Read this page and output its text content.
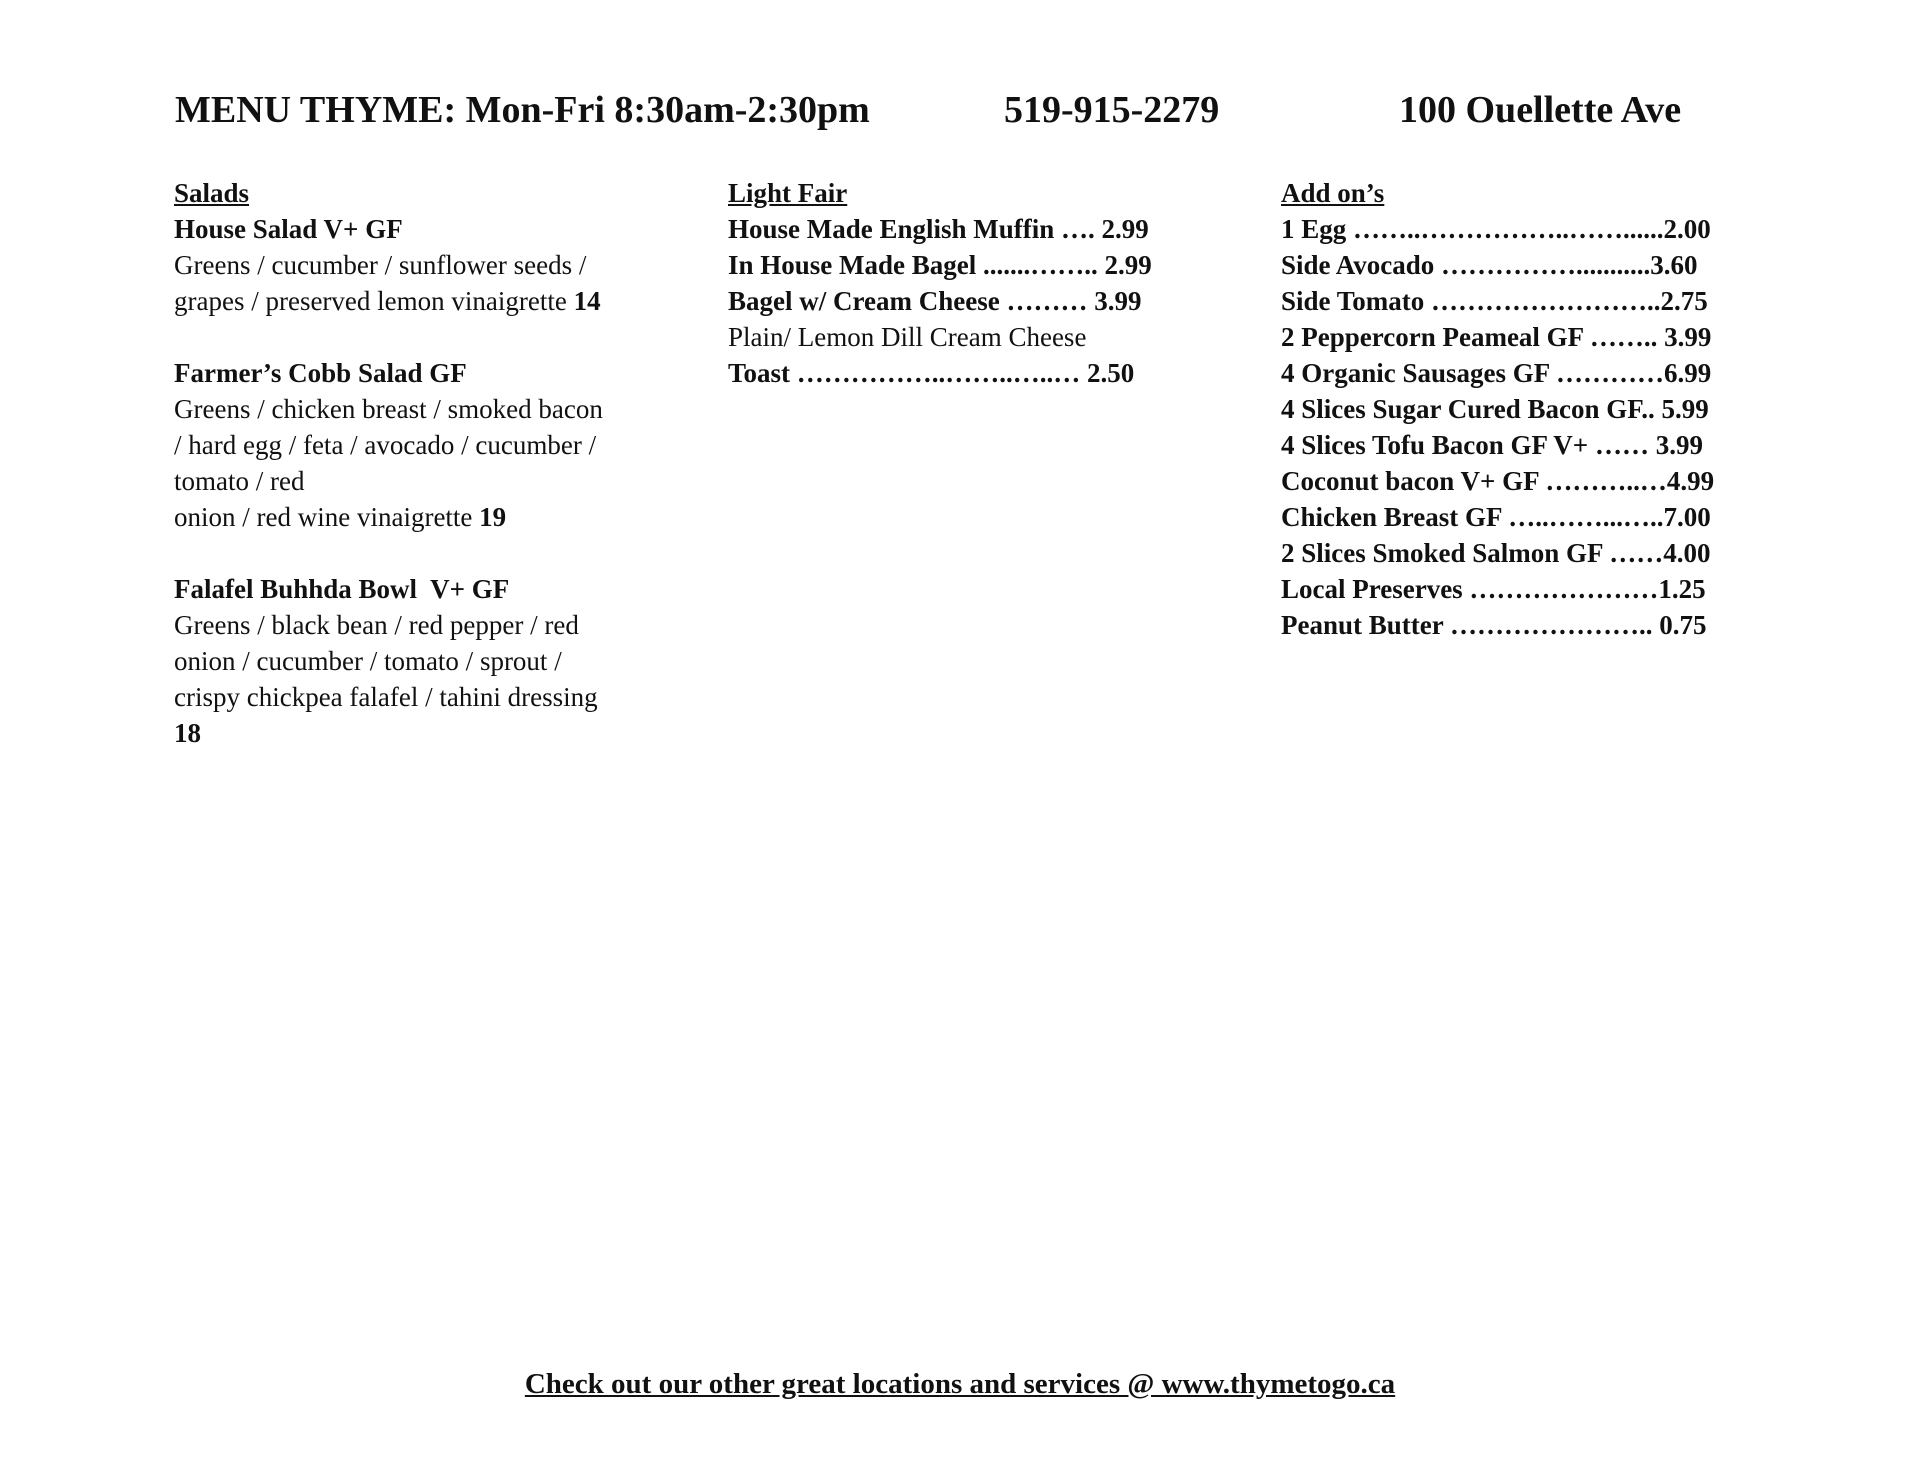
MENU THYME: Mon-Fri 8:30am-2:30pm	519-915-2279	100 Ouellette Ave
Salads
House Salad V+ GF
Greens / cucumber / sunflower seeds /
grapes / preserved lemon vinaigrette 14
Farmer’s Cobb Salad GF
Greens / chicken breast / smoked bacon
/ hard egg / feta / avocado / cucumber /
tomato / red
onion / red wine vinaigrette 19
Falafel Buhhda Bowl  V+ GF
Greens / black bean / red pepper / red
onion / cucumber / tomato / sprout /
crispy chickpea falafel / tahini dressing
18
Light Fair
House Made English Muffin …. 2.99
In House Made Bagel .......…….. 2.99
Bagel w/ Cream Cheese ……… 3.99
Plain/ Lemon Dill Cream Cheese
Toast ……………..……..…..… 2.50
Add on’s
1 Egg ……..……………..……......2.00
Side Avocado ……………...........3.60
Side Tomato ……………………..2.75
2 Peppercorn Peameal GF …….. 3.99
4 Organic Sausages GF …………6.99
4 Slices Sugar Cured Bacon GF.. 5.99
4 Slices Tofu Bacon GF V+ …… 3.99
Coconut bacon V+ GF ………..…4.99
Chicken Breast GF …..……...…..7.00
2 Slices Smoked Salmon GF ……4.00
Local Preserves …………………1.25
Peanut Butter ………………….. 0.75
Check out our other great locations and services @ www.thymetogo.ca
